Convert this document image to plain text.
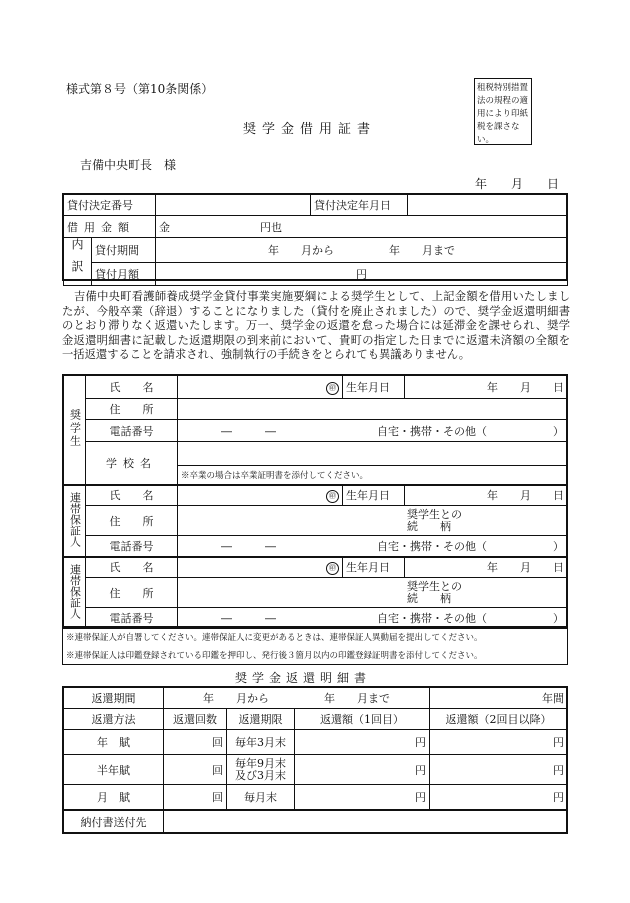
様式第８号（第10条関係）	租税特別措置法の規程の適用により印紙税を課さない。
奨学金借用証書
吉備中央町長　様
年　　月　　日
貸付決定番号			貸付決定年月日	
借用金額		金 円也		
内訳	貸付期間	年　　月から　　　　　年　　月まで		
	貸付月額	円		
吉備中央町看護師養成奨学金貸付事業実施要綱による奨学生として、上記金額を借用いたしましたが、今般卒業（辞退）することになりました（貸付を廃止されました）ので、奨学金返還明細書のとおり滞りなく返還いたします。万一、奨学金の返還を怠った場合には延滞金を課せられ、奨学金返還明細書に記載した返還期限の到来前において、貴町の指定した日までに返還未済額の全額を一括返還することを請求され、強制執行の手続きをとられても異議ありません。
奨学生	氏　　名	㊞	生年月日	年　　月　　日
	住　　所			
	電話番号	―　　　― 自宅・携帯・その他（　　　　　　）		

	学校名			
		※卒業の場合は卒業証明書を添付してください。		
連帯保証人	氏　　名	㊞	生年月日	年　　月　　日
	住　　所	奨学生との
続　　柄		

	電話番号	―　　　― 自宅・携帯・その他（　　　　　　）		

連帯保証人	氏　　名	㊞	生年月日	年　　月　　日
	住　　所	奨学生との
続　　柄		

	電話番号	―　　　― 自宅・携帯・その他（　　　　　　）		
※連帯保証人が自署してください。連帯保証人に変更があるときは、連帯保証人異動届を提出してください。
※連帯保証人は印鑑登録されている印鑑を押印し、発行後３箇月以内の印鑑登録証明書を添付してください。
奨学金返還明細書
返還期間	年　　月から　　　　　年　　月まで			年間
返還方法	返還回数	返還期限	返還額（1回目）	返還額（2回目以降）
年　賦	回	毎年3月末	円	円
半年賦	回	毎年9月末及び3月末	円	円
月　賦	回	毎月末	円	円
納付書送付先				
